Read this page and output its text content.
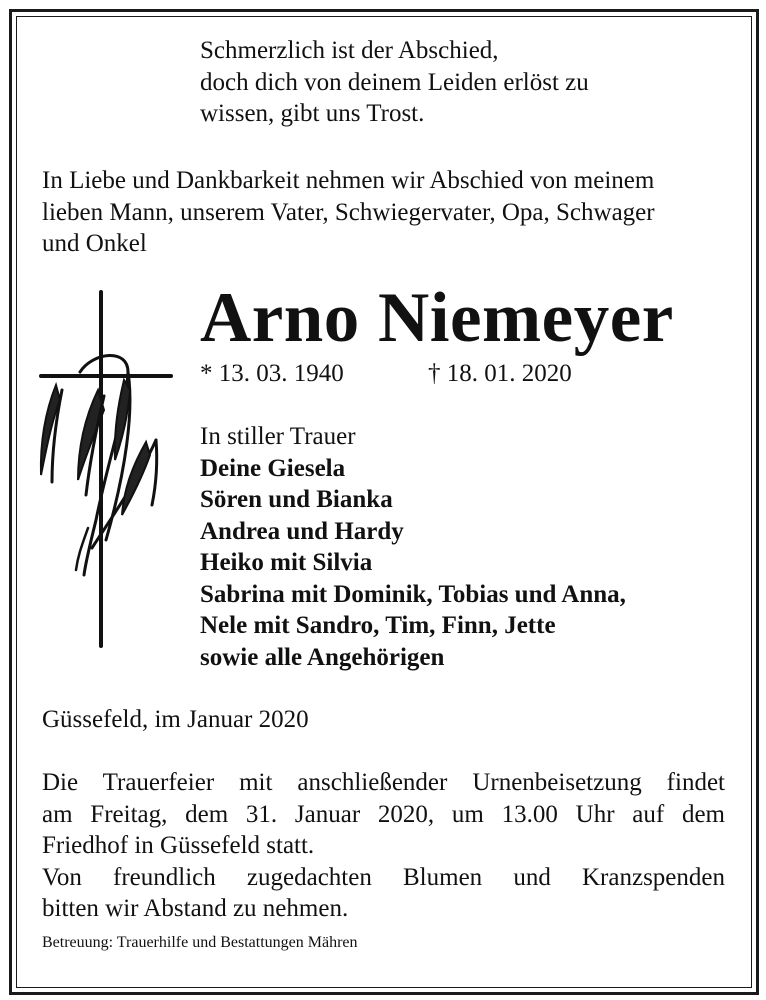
Schmerzlich ist der Abschied,
doch dich von deinem Leiden erlöst zu
wissen, gibt uns Trost.
In Liebe und Dankbarkeit nehmen wir Abschied von meinem
lieben Mann, unserem Vater, Schwiegervater, Opa, Schwager
und Onkel
Arno Niemeyer
* 13. 03. 1940	† 18. 01. 2020
In stiller Trauer
Deine Giesela
Sören und Bianka
Andrea und Hardy
Heiko mit Silvia
Sabrina mit Dominik, Tobias und Anna,
Nele mit Sandro, Tim, Finn, Jette
sowie alle Angehörigen
Güssefeld, im Januar 2020
Die Trauerfeier mit anschließender Urnenbeisetzung findet
am Freitag, dem 31. Januar 2020, um 13.00 Uhr auf dem
Friedhof in Güssefeld statt.
Von freundlich zugedachten Blumen und Kranzspenden
bitten wir Abstand zu nehmen.

Betreuung: Trauerhilfe und Bestattungen Mähren
